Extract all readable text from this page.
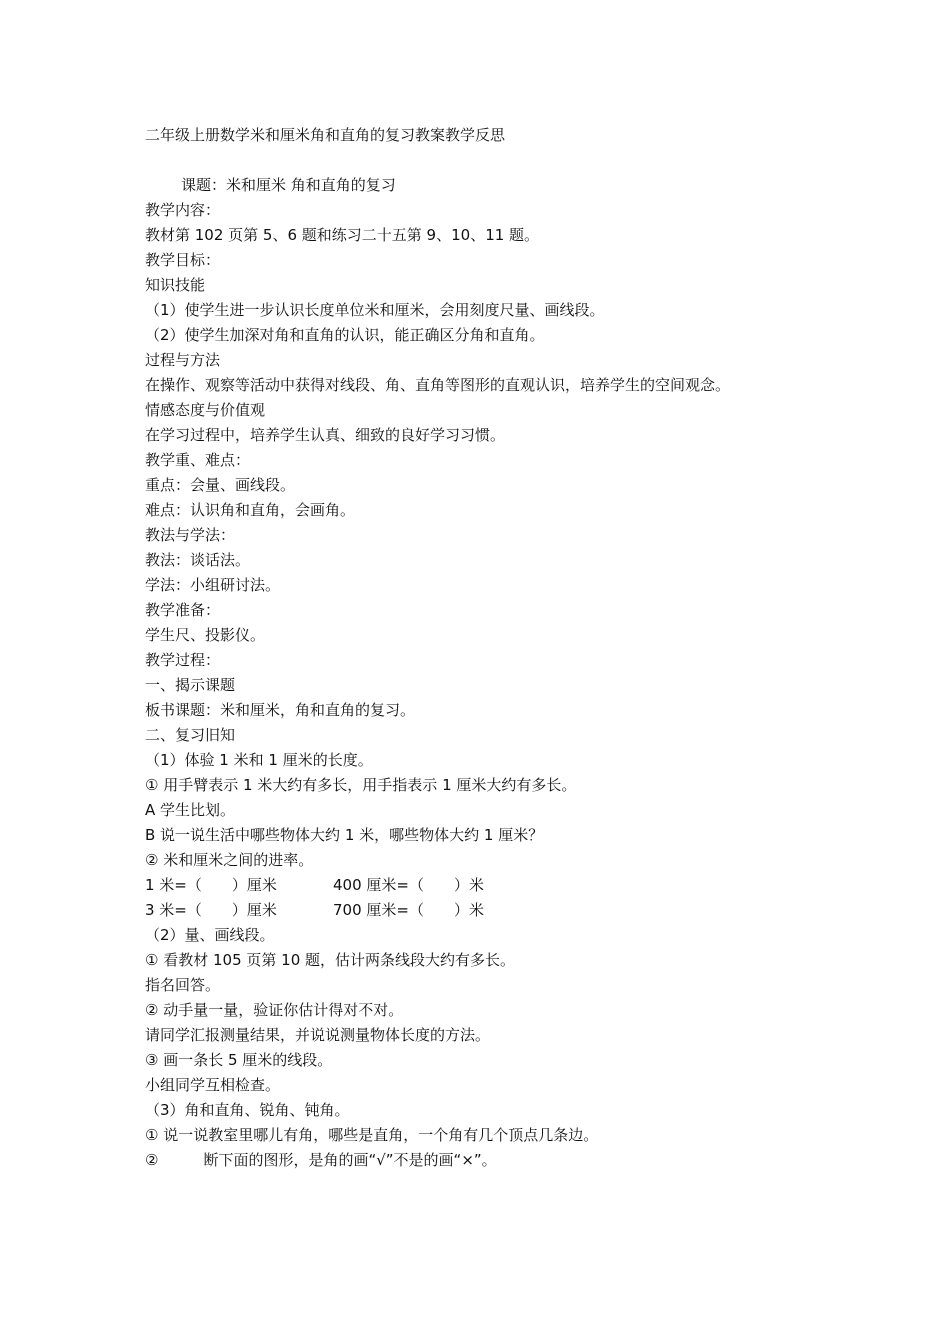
二年级上册数学米和厘米角和直角的复习教案教学反思
课题：米和厘米 角和直角的复习
教学内容：
教材第 102 页第 5、6 题和练习二十五第 9、10、11 题。
教学目标：
知识技能
（1）使学生进一步认识长度单位米和厘米，会用刻度尺量、画线段。
（2）使学生加深对角和直角的认识，能正确区分角和直角。
过程与方法
在操作、观察等活动中获得对线段、角、直角等图形的直观认识，培养学生的空间观念。
情感态度与价值观
在学习过程中，培养学生认真、细致的良好学习习惯。
教学重、难点：
重点：会量、画线段。
难点：认识角和直角，会画角。
教法与学法：
教法：谈话法。
学法：小组研讨法。
教学准备：
学生尺、投影仪。
教学过程：
一、揭示课题
板书课题：米和厘米，角和直角的复习。
二、复习旧知
（1）体验 1 米和 1 厘米的长度。
① 用手臂表示 1 米大约有多长，用手指表示 1 厘米大约有多长。
A 学生比划。
B 说一说生活中哪些物体大约 1 米，哪些物体大约 1 厘米？
② 米和厘米之间的进率。
1 米=（　　）厘米	400 厘米=（　　）米
3 米=（　　）厘米	700 厘米=（　　）米
（2）量、画线段。
① 看教材 105 页第 10 题，估计两条线段大约有多长。
指名回答。
② 动手量一量，验证你估计得对不对。
请同学汇报测量结果，并说说测量物体长度的方法。
③ 画一条长 5 厘米的线段。
小组同学互相检查。
（3）角和直角、锐角、钝角。
① 说一说教室里哪儿有角，哪些是直角，一个角有几个顶点几条边。
②　　　断下面的图形，是角的画“√”不是的画“×”。
